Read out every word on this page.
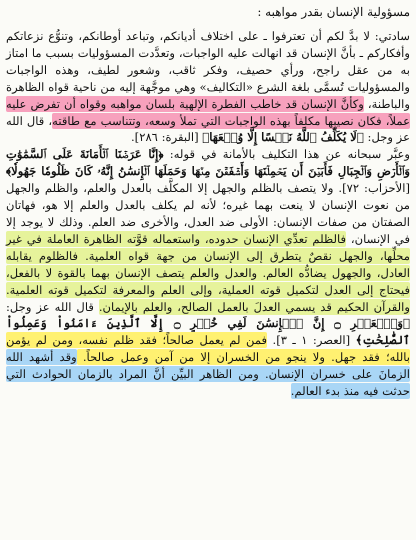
مسؤولية الإنسان بقدر مواهبه :

سادتي: لا بدَّ لكم أن تعترفوا ـ على اختلاف أديانكم، وتباعد أوطانكم، وتنوُّع نزعاتكم وأفكاركم ـ بأنَّ الإنسان قد انهالت عليه الواجبات، وتعدَّدت المسؤوليات بسبب ما امتاز به من عقل راجح، ورأي حصيف، وفكر ثاقب، وشعور لطيف، وهذه الواجبات والمسؤوليات تُسمَّى بلغة الشرع «التكاليف» وهي موجَّهة إليه من ناحية قواه الظاهرة والباطنة، وكأنَّ الإنسان قد خاطب الفطرة الإلهية بلسان مواهبه وقواه أن تفرض عليه عملاً، فكان نصيبها مكلفاً بهذه الواجبات التي تملأ وسعه، وتتناسب مع طاقته، قال الله عز وجل: ﴿لَا يُكَلِّفُ ٱللَّهُ نَفۡسًا إِلَّا وُسۡعَهَا﴾ [البقرة: ٢٨٦].

وعبَّر سبحانه عن هذا التكليف بالأمانة في قوله: ﴿إِنَّا عَرَضۡنَا ٱلۡأَمَانَةَ عَلَى ٱلسَّمَٰوَٰتِ وَٱلۡأَرۡضِ وَٱلۡجِبَالِ فَأَبَيۡنَ أَن يَحۡمِلۡنَهَا وَأَشۡفَقۡنَ مِنۡهَا وَحَمَلَهَا ٱلۡإِنسَٰنُ إِنَّهُۥ كَانَ ظَلُومٗا جَهُولٗا﴾ [الأحزاب: ٧٢]. ولا يتصف بالظلم والجهل إلا المكلَّف بالعدل والعلم، والظلم والجهل من نعوت الإنسان لا ينعت بهما غيره؛ لأنه لم يكلف بالعدل والعلم إلا هو، فهاتان الصفتان من صفات الإنسان: الأولى ضد العدل، والأخرى ضد العلم. وذلك لا يوجد إلا في الإنسان، فالظلم تعدِّي الإنسان حدوده، واستعماله قوَّته الظاهرة العاملة في غير محلِّها، والجهل نقصٌ يتطرق إلى الإنسان من جهة قواه العلمية. فالظلوم يقابله العادل، والجهول يضادُّه العالم. والعدل والعلم يتصف الإنسان بهما بالقوة لا بالفعل، فيحتاج إلى العدل لتكميل قوته العملية، وإلى العلم والمعرفة لتكميل قوته العلمية. والقرآن الحكيم قد يسمي العدلَ بالعمل الصالح، والعلم بالإيمان. قال الله عز وجل: ﴿وَٱلۡعَصۡرِ ۝ إِنَّ ٱلۡإِنسَٰنَ لَفِي خُسۡرٍ ۝ إِلَّا ٱلَّذِينَ ءَامَنُواْ وَعَمِلُواْ ٱلصَّٰلِحَٰتِ﴾ [العصر: ١ ـ ٣]. فمن لم يعمل صالحاً؛ فقد ظلم نفسه، ومن لم يؤمن بالله؛ فقد جهل. ولا ينجو من الخسران إلا من آمن وعمل صالحاً. وقد أشهد الله الزمانَ على خسران الإنسان. ومن الظاهر البيِّن أنَّ المراد بالزمان الحوادث التي حدثت فيه منذ بدء العالم.
